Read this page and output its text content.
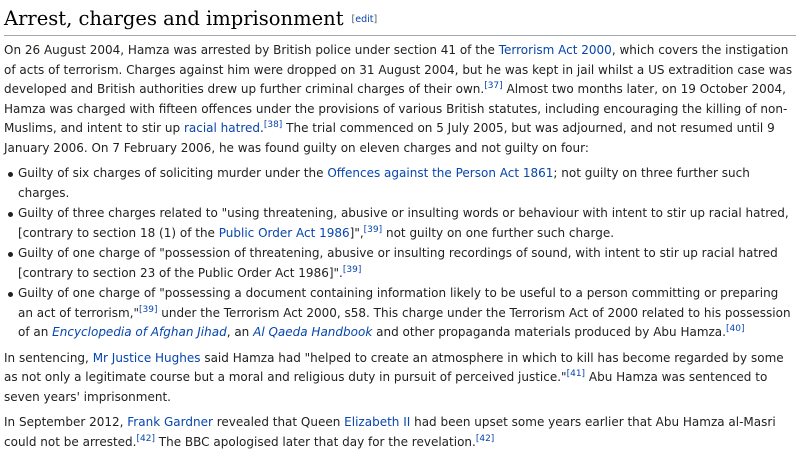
Arrest, charges and imprisonment [edit]

On 26 August 2004, Hamza was arrested by British police under section 41 of the Terrorism Act 2000, which covers the instigation of acts of terrorism. Charges against him were dropped on 31 August 2004, but he was kept in jail whilst a US extradition case was developed and British authorities drew up further criminal charges of their own.[37] Almost two months later, on 19 October 2004, Hamza was charged with fifteen offences under the provisions of various British statutes, including encouraging the killing of non-Muslims, and intent to stir up racial hatred.[38] The trial commenced on 5 July 2005, but was adjourned, and not resumed until 9 January 2006. On 7 February 2006, he was found guilty on eleven charges and not guilty on four:

Guilty of six charges of soliciting murder under the Offences against the Person Act 1861; not guilty on three further such charges.
Guilty of three charges related to "using threatening, abusive or insulting words or behaviour with intent to stir up racial hatred, [contrary to section 18 (1) of the Public Order Act 1986]",[39] not guilty on one further such charge.
Guilty of one charge of "possession of threatening, abusive or insulting recordings of sound, with intent to stir up racial hatred [contrary to section 23 of the Public Order Act 1986]".[39]
Guilty of one charge of "possessing a document containing information likely to be useful to a person committing or preparing an act of terrorism,"[39] under the Terrorism Act 2000, s58. This charge under the Terrorism Act of 2000 related to his possession of an Encyclopedia of Afghan Jihad, an Al Qaeda Handbook and other propaganda materials produced by Abu Hamza.[40]

In sentencing, Mr Justice Hughes said Hamza had "helped to create an atmosphere in which to kill has become regarded by some as not only a legitimate course but a moral and religious duty in pursuit of perceived justice."[41] Abu Hamza was sentenced to seven years' imprisonment.

In September 2012, Frank Gardner revealed that Queen Elizabeth II had been upset some years earlier that Abu Hamza al-Masri could not be arrested.[42] The BBC apologised later that day for the revelation.[42]
